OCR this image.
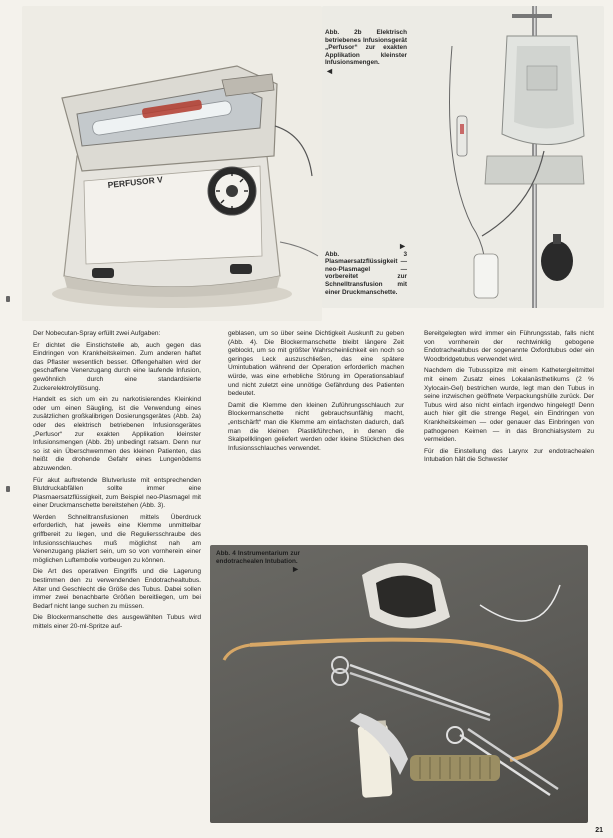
PERFUSOR V
Abb. 2b Elektrisch betriebenes Infusionsgerät „Perfusor“ zur exakten Applikation kleinster Infusionsmengen.
◄
►
Abb. 3 Plasmaersatzflüssigkeit — neo-Plasmagel — vorbereitet zur Schnelltransfusion mit einer Druckmanschette.
Abb. 4 Instrumentarium zur endotrachealen Intubation.
►

Der Nobecutan-Spray erfüllt zwei Aufgaben:

Er dichtet die Einstichstelle ab, auch gegen das Eindringen von Krankheitskeimen. Zum anderen haftet das Pflaster wesentlich besser. Offengehalten wird der geschaffene Venenzugang durch eine laufende Infusion, gewöhnlich durch eine standardisierte Zuckerelektrolytlösung.

Handelt es sich um ein zu narkotisierendes Kleinkind oder um einen Säugling, ist die Verwendung eines zusätzlichen großkalibrigen Dosierungsgerätes (Abb. 2a) oder des elektrisch betriebenen Infusionsgerätes „Perfusor“ zur exakten Applikation kleinster Infusionsmengen (Abb. 2b) unbedingt ratsam. Denn nur so ist ein Überschwemmen des kleinen Patienten, das heißt die drohende Gefahr eines Lungenödems abzuwenden.

Für akut auftretende Blutverluste mit entsprechenden Blutdruckabfällen sollte immer eine Plasmaersatzflüssigkeit, zum Beispiel neo-Plasmagel mit einer Druckmanschette bereitstehen (Abb. 3).

Werden Schnelltransfusionen mittels Überdruck erforderlich, hat jeweils eine Klemme unmittelbar griffbereit zu liegen, und die Reguliersschraube des Infusionsschlauches muß möglichst nah am Venenzugang plaziert sein, um so von vornherein einer möglichen Luftembolie vorbeugen zu können.

Die Art des operativen Eingriffs und die Lagerung bestimmen den zu verwendenden Endotrachealtubus. Alter und Geschlecht die Größe des Tubus. Dabei sollen immer zwei benachbarte Größen bereitliegen, um bei Bedarf nicht lange suchen zu müssen.

Die Blockermanschette des ausgewählten Tubus wird mittels einer 20-ml-Spritze auf-

geblasen, um so über seine Dichtigkeit Auskunft zu geben (Abb. 4). Die Blockermanschette bleibt längere Zeit geblockt, um so mit größter Wahrscheinlichkeit ein noch so geringes Leck auszuschließen, das eine spätere Umintubation während der Operation erforderlich machen würde, was eine erhebliche Störung im Operationsablauf und nicht zuletzt eine unnötige Gefährdung des Patienten bedeutet.

Damit die Klemme den kleinen Zuführungsschlauch zur Blockermanschette nicht gebrauchsunfähig macht, „entschärft“ man die Klemme am einfachsten dadurch, daß man die kleinen Plastikführchen, in denen die Skalpellklingen geliefert werden oder kleine Stückchen des Infusionsschlauches verwendet.

Bereitgelegten wird immer ein Führungsstab, falls nicht von vornherein der rechtwinklig gebogene Endotrachealtubus der sogenannte Oxfordtubus oder ein Woodbridgetubus verwendet wird.

Nachdem die Tubusspitze mit einem Kathetergleitmittel mit einem Zusatz eines Lokalanästhetikums (2 % Xylocain-Gel) bestrichen wurde, legt man den Tubus in seine inzwischen geöffnete Verpackungshülle zurück. Der Tubus wird also nicht einfach irgendwo hingelegt! Denn auch hier gilt die strenge Regel, ein Eindringen von Krankheitskeimen — oder genauer das Einbringen von pathogenen Keimen — in das Bronchialsystem zu vermeiden.

Für die Einstellung des Larynx zur endotrachealen Intubation hält die Schwester

21
